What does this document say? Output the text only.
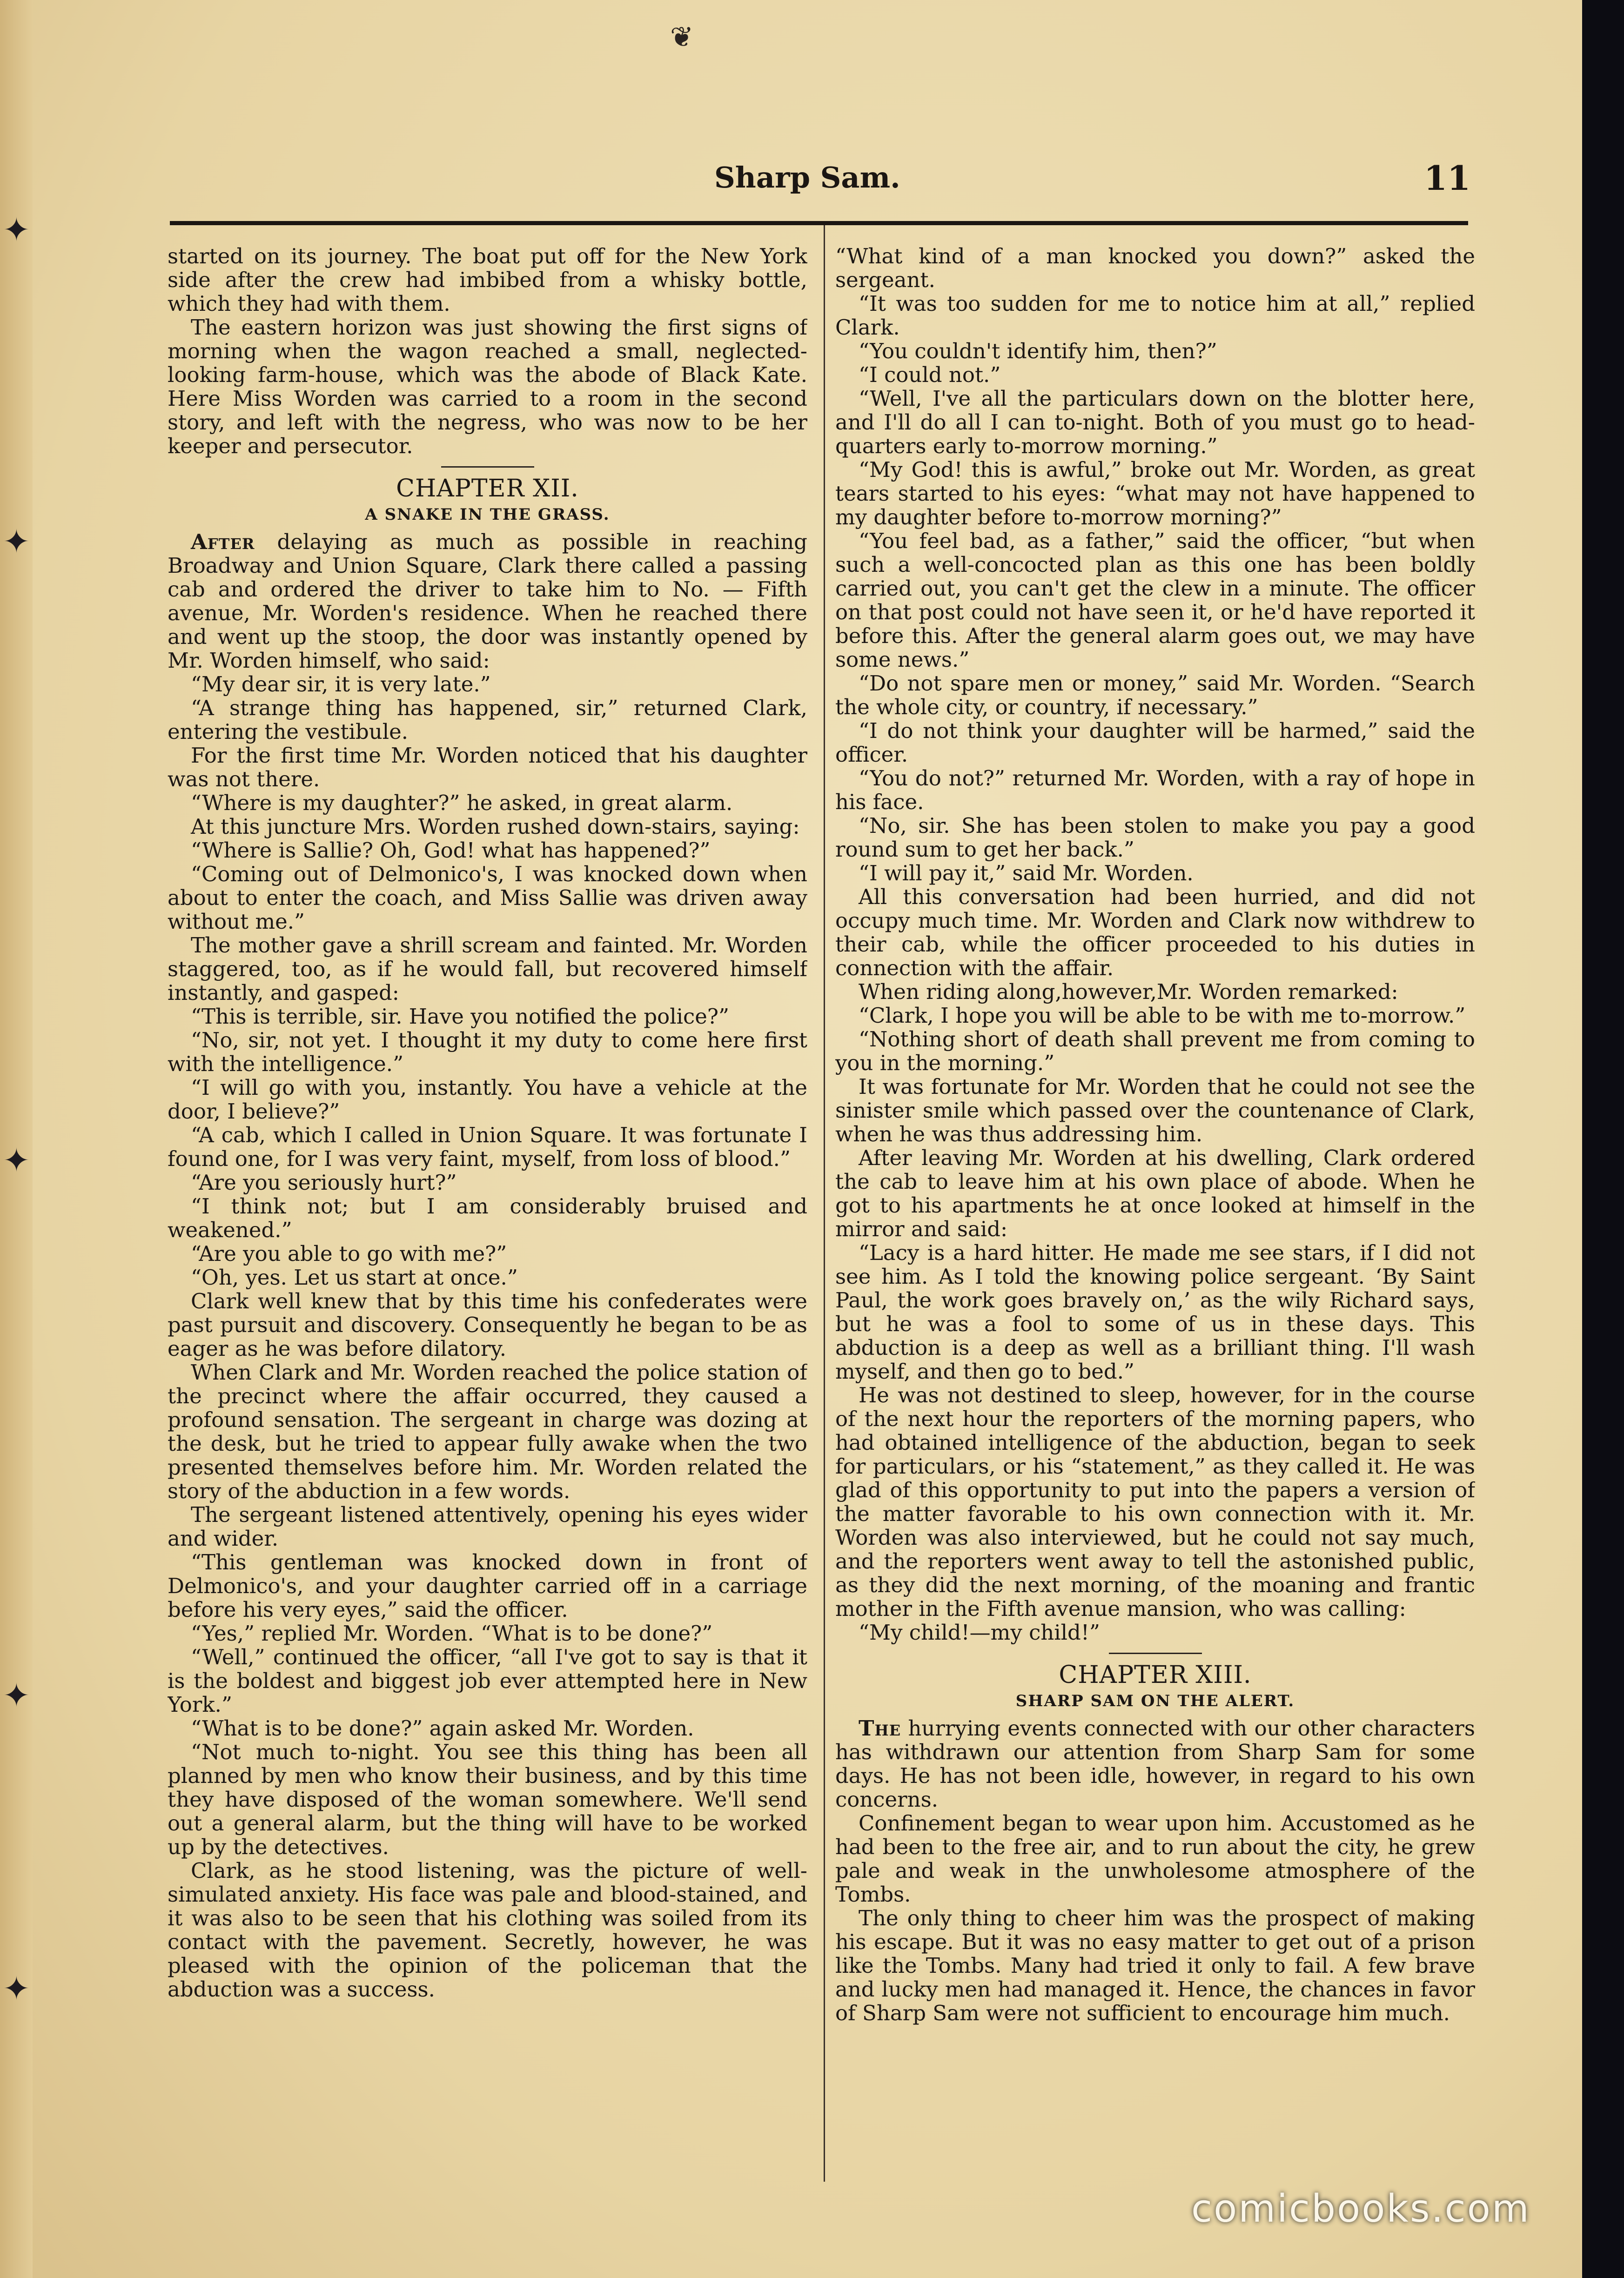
✦
✦
✦
✦
✦
❦
Sharp Sam.	11

started on its journey. The boat put off for the New York side after the crew had imbibed from a whisky bottle, which they had with them.

The eastern horizon was just showing the first signs of morning when the wagon reached a small, neglected-looking farm-house, which was the abode of Black Kate. Here Miss Worden was carried to a room in the second story, and left with the negress, who was now to be her keeper and persecutor.

CHAPTER XII.
A SNAKE IN THE GRASS.

After delaying as much as possible in reaching Broadway and Union Square, Clark there called a passing cab and ordered the driver to take him to No. — Fifth avenue, Mr. Worden's residence. When he reached there and went up the stoop, the door was instantly opened by Mr. Worden himself, who said:

“My dear sir, it is very late.”

“A strange thing has happened, sir,” returned Clark, entering the vestibule.

For the first time Mr. Worden noticed that his daughter was not there.

“Where is my daughter?” he asked, in great alarm.

At this juncture Mrs. Worden rushed down-stairs, saying:

“Where is Sallie? Oh, God! what has happened?”

“Coming out of Delmonico's, I was knocked down when about to enter the coach, and Miss Sallie was driven away without me.”

The mother gave a shrill scream and fainted. Mr. Worden staggered, too, as if he would fall, but recovered himself instantly, and gasped:

“This is terrible, sir. Have you notified the police?”

“No, sir, not yet. I thought it my duty to come here first with the intelligence.”

“I will go with you, instantly. You have a vehicle at the door, I believe?”

“A cab, which I called in Union Square. It was fortunate I found one, for I was very faint, myself, from loss of blood.”

“Are you seriously hurt?”

“I think not; but I am considerably bruised and weakened.”

“Are you able to go with me?”

“Oh, yes. Let us start at once.”

Clark well knew that by this time his confederates were past pursuit and discovery. Consequently he began to be as eager as he was before dilatory.

When Clark and Mr. Worden reached the police station of the precinct where the affair occurred, they caused a profound sensation. The sergeant in charge was dozing at the desk, but he tried to appear fully awake when the two presented themselves before him. Mr. Worden related the story of the abduction in a few words.

The sergeant listened attentively, opening his eyes wider and wider.

“This gentleman was knocked down in front of Delmonico's, and your daughter carried off in a carriage before his very eyes,” said the officer.

“Yes,” replied Mr. Worden. “What is to be done?”

“Well,” continued the officer, “all I've got to say is that it is the boldest and biggest job ever attempted here in New York.”

“What is to be done?” again asked Mr. Worden.

“Not much to-night. You see this thing has been all planned by men who know their business, and by this time they have disposed of the woman somewhere. We'll send out a general alarm, but the thing will have to be worked up by the detectives.

Clark, as he stood listening, was the picture of well-simulated anxiety. His face was pale and blood-stained, and it was also to be seen that his clothing was soiled from its contact with the pavement. Secretly, however, he was pleased with the opinion of the policeman that the abduction was a success.

“What kind of a man knocked you down?” asked the sergeant.

“It was too sudden for me to notice him at all,” replied Clark.

“You couldn't identify him, then?”

“I could not.”

“Well, I've all the particulars down on the blotter here, and I'll do all I can to-night. Both of you must go to head-quarters early to-morrow morning.”

“My God! this is awful,” broke out Mr. Worden, as great tears started to his eyes: “what may not have happened to my daughter before to-morrow morning?”

“You feel bad, as a father,” said the officer, “but when such a well-concocted plan as this one has been boldly carried out, you can't get the clew in a minute. The officer on that post could not have seen it, or he'd have reported it before this. After the general alarm goes out, we may have some news.”

“Do not spare men or money,” said Mr. Worden. “Search the whole city, or country, if necessary.”

“I do not think your daughter will be harmed,” said the officer.

“You do not?” returned Mr. Worden, with a ray of hope in his face.

“No, sir. She has been stolen to make you pay a good round sum to get her back.”

“I will pay it,” said Mr. Worden.

All this conversation had been hurried, and did not occupy much time. Mr. Worden and Clark now withdrew to their cab, while the officer proceeded to his duties in connection with the affair.

When riding along,however,Mr. Worden remarked:

“Clark, I hope you will be able to be with me to-morrow.”

“Nothing short of death shall prevent me from coming to you in the morning.”

It was fortunate for Mr. Worden that he could not see the sinister smile which passed over the countenance of Clark, when he was thus addressing him.

After leaving Mr. Worden at his dwelling, Clark ordered the cab to leave him at his own place of abode. When he got to his apartments he at once looked at himself in the mirror and said:

“Lacy is a hard hitter. He made me see stars, if I did not see him. As I told the knowing police sergeant. ‘By Saint Paul, the work goes bravely on,’ as the wily Richard says, but he was a fool to some of us in these days. This abduction is a deep as well as a brilliant thing. I'll wash myself, and then go to bed.”

He was not destined to sleep, however, for in the course of the next hour the reporters of the morning papers, who had obtained intelligence of the abduction, began to seek for particulars, or his “statement,” as they called it. He was glad of this opportunity to put into the papers a version of the matter favorable to his own connection with it. Mr. Worden was also interviewed, but he could not say much, and the reporters went away to tell the astonished public, as they did the next morning, of the moaning and frantic mother in the Fifth avenue mansion, who was calling:

“My child!—my child!”

CHAPTER XIII.
SHARP SAM ON THE ALERT.

The hurrying events connected with our other characters has withdrawn our attention from Sharp Sam for some days. He has not been idle, however, in regard to his own concerns.

Confinement began to wear upon him. Accustomed as he had been to the free air, and to run about the city, he grew pale and weak in the unwholesome atmosphere of the Tombs.

The only thing to cheer him was the prospect of making his escape. But it was no easy matter to get out of a prison like the Tombs. Many had tried it only to fail. A few brave and lucky men had managed it. Hence, the chances in favor of Sharp Sam were not sufficient to encourage him much.

comicbooks.com
